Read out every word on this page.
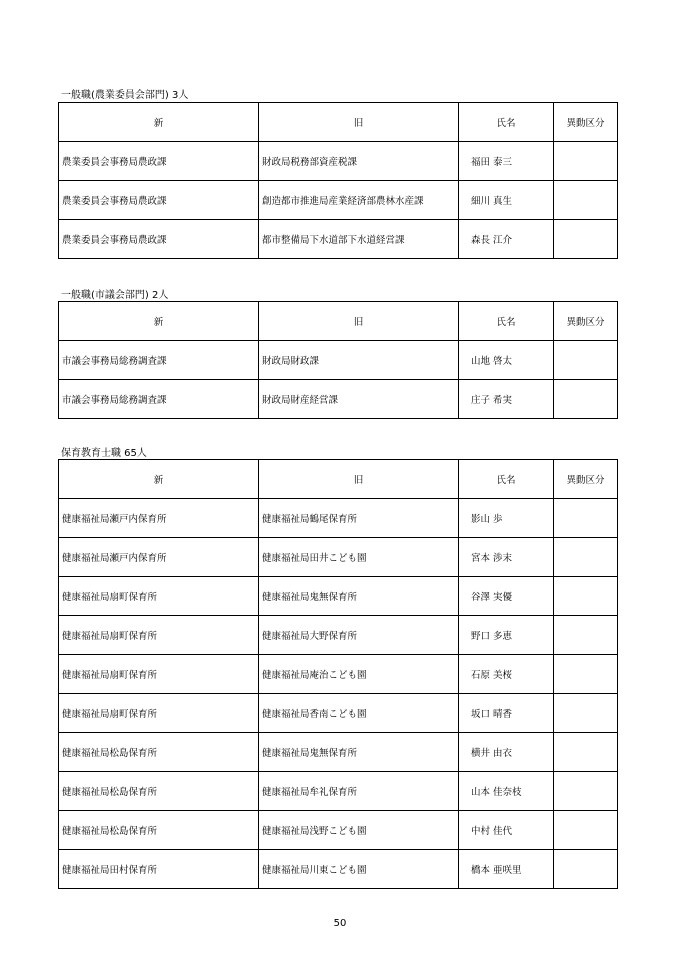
一般職(農業委員会部門) 3人
新	旧	氏名	異動区分
農業委員会事務局農政課	財政局税務部資産税課	福田 泰三	
農業委員会事務局農政課	創造都市推進局産業経済部農林水産課	細川 真生	
農業委員会事務局農政課	都市整備局下水道部下水道経営課	森長 江介	
一般職(市議会部門) 2人
新	旧	氏名	異動区分
市議会事務局総務調査課	財政局財政課	山地 啓太	
市議会事務局総務調査課	財政局財産経営課	庄子 希実	
保育教育士職 65人
新	旧	氏名	異動区分
健康福祉局瀬戸内保育所	健康福祉局鶴尾保育所	影山 歩	
健康福祉局瀬戸内保育所	健康福祉局田井こども園	宮本 渉末	
健康福祉局扇町保育所	健康福祉局鬼無保育所	谷澤 実優	
健康福祉局扇町保育所	健康福祉局大野保育所	野口 多恵	
健康福祉局扇町保育所	健康福祉局庵治こども園	石原 美桜	
健康福祉局扇町保育所	健康福祉局香南こども園	坂口 晴香	
健康福祉局松島保育所	健康福祉局鬼無保育所	横井 由衣	
健康福祉局松島保育所	健康福祉局牟礼保育所	山本 佳奈枝	
健康福祉局松島保育所	健康福祉局浅野こども園	中村 佳代	
健康福祉局田村保育所	健康福祉局川東こども園	橋本 亜咲里	
50
